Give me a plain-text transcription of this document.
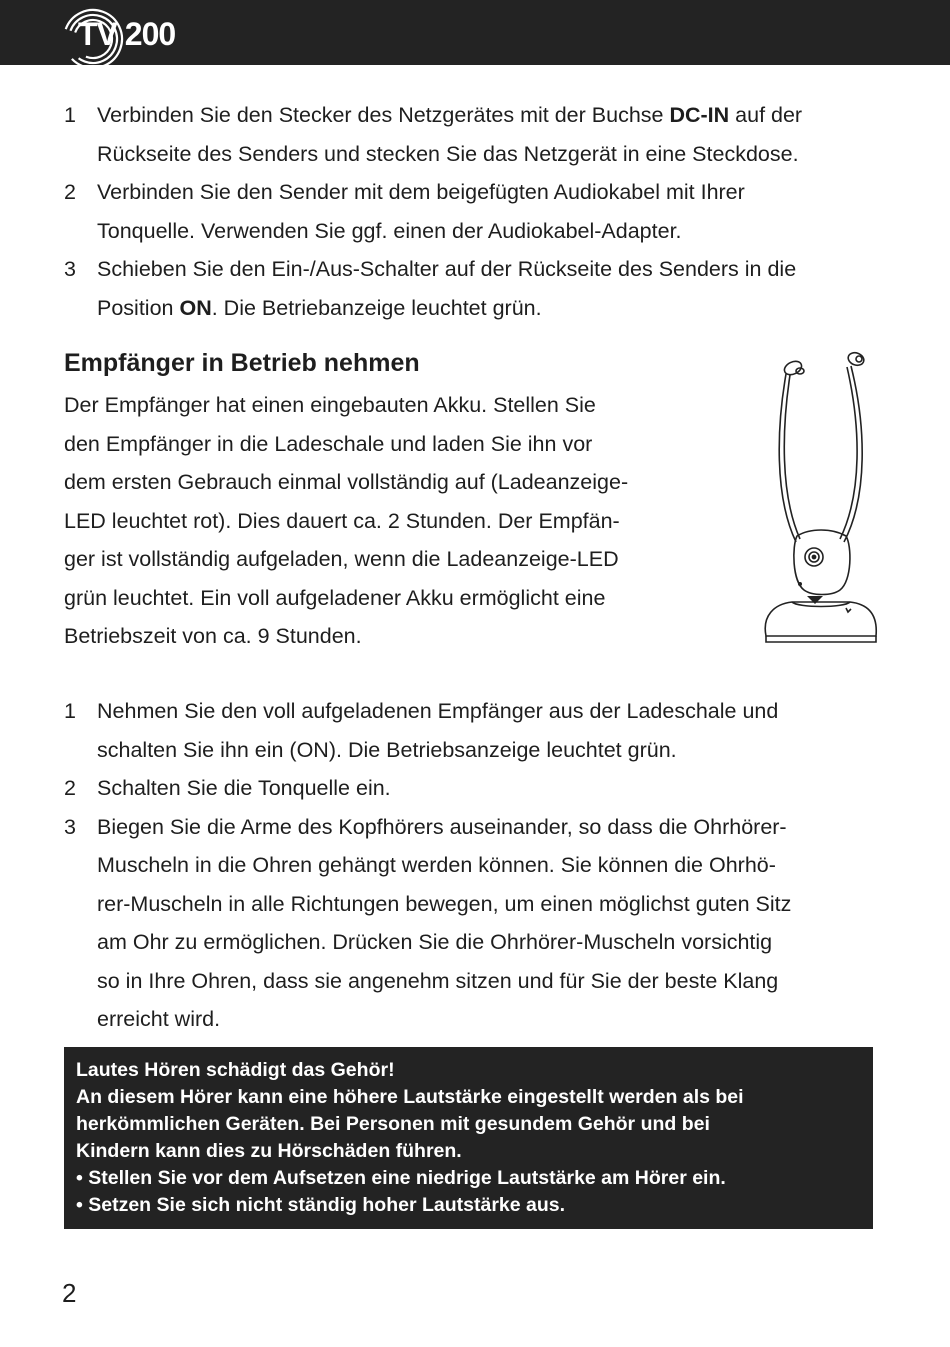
TV 200
1 Verbinden Sie den Stecker des Netzgerätes mit der Buchse DC-IN auf der
Rückseite des Senders und stecken Sie das Netzgerät in eine Steckdose.
2 Verbinden Sie den Sender mit dem beigefügten Audiokabel mit Ihrer
Tonquelle. Verwenden Sie ggf. einen der Audiokabel-Adapter.
3 Schieben Sie den Ein-/Aus-Schalter auf der Rückseite des Senders in die
Position ON. Die Betriebanzeige leuchtet grün.
Empfänger in Betrieb nehmen
Der Empfänger hat einen eingebauten Akku. Stellen Sie
den Empfänger in die Ladeschale und laden Sie ihn vor
dem ersten Gebrauch einmal vollständig auf (Ladeanzeige-
LED leuchtet rot). Dies dauert ca. 2 Stunden. Der Empfän-
ger ist vollständig aufgeladen, wenn die Ladeanzeige-LED
grün leuchtet. Ein voll aufgeladener Akku ermöglicht eine
Betriebszeit von ca. 9 Stunden.
1 Nehmen Sie den voll aufgeladenen Empfänger aus der Ladeschale und
schalten Sie ihn ein (ON). Die Betriebsanzeige leuchtet grün.
2 Schalten Sie die Tonquelle ein.
3 Biegen Sie die Arme des Kopfhörers auseinander, so dass die Ohrhörer-
Muscheln in die Ohren gehängt werden können. Sie können die Ohrhö-
rer-Muscheln in alle Richtungen bewegen, um einen möglichst guten Sitz
am Ohr zu ermöglichen. Drücken Sie die Ohrhörer-Muscheln vorsichtig
so in Ihre Ohren, dass sie angenehm sitzen und für Sie der beste Klang
erreicht wird.
Lautes Hören schädigt das Gehör!
An diesem Hörer kann eine höhere Lautstärke eingestellt werden als bei
herkömmlichen Geräten. Bei Personen mit gesundem Gehör und bei
Kindern kann dies zu Hörschäden führen.
• Stellen Sie vor dem Aufsetzen eine niedrige Lautstärke am Hörer ein.
• Setzen Sie sich nicht ständig hoher Lautstärke aus.
2
